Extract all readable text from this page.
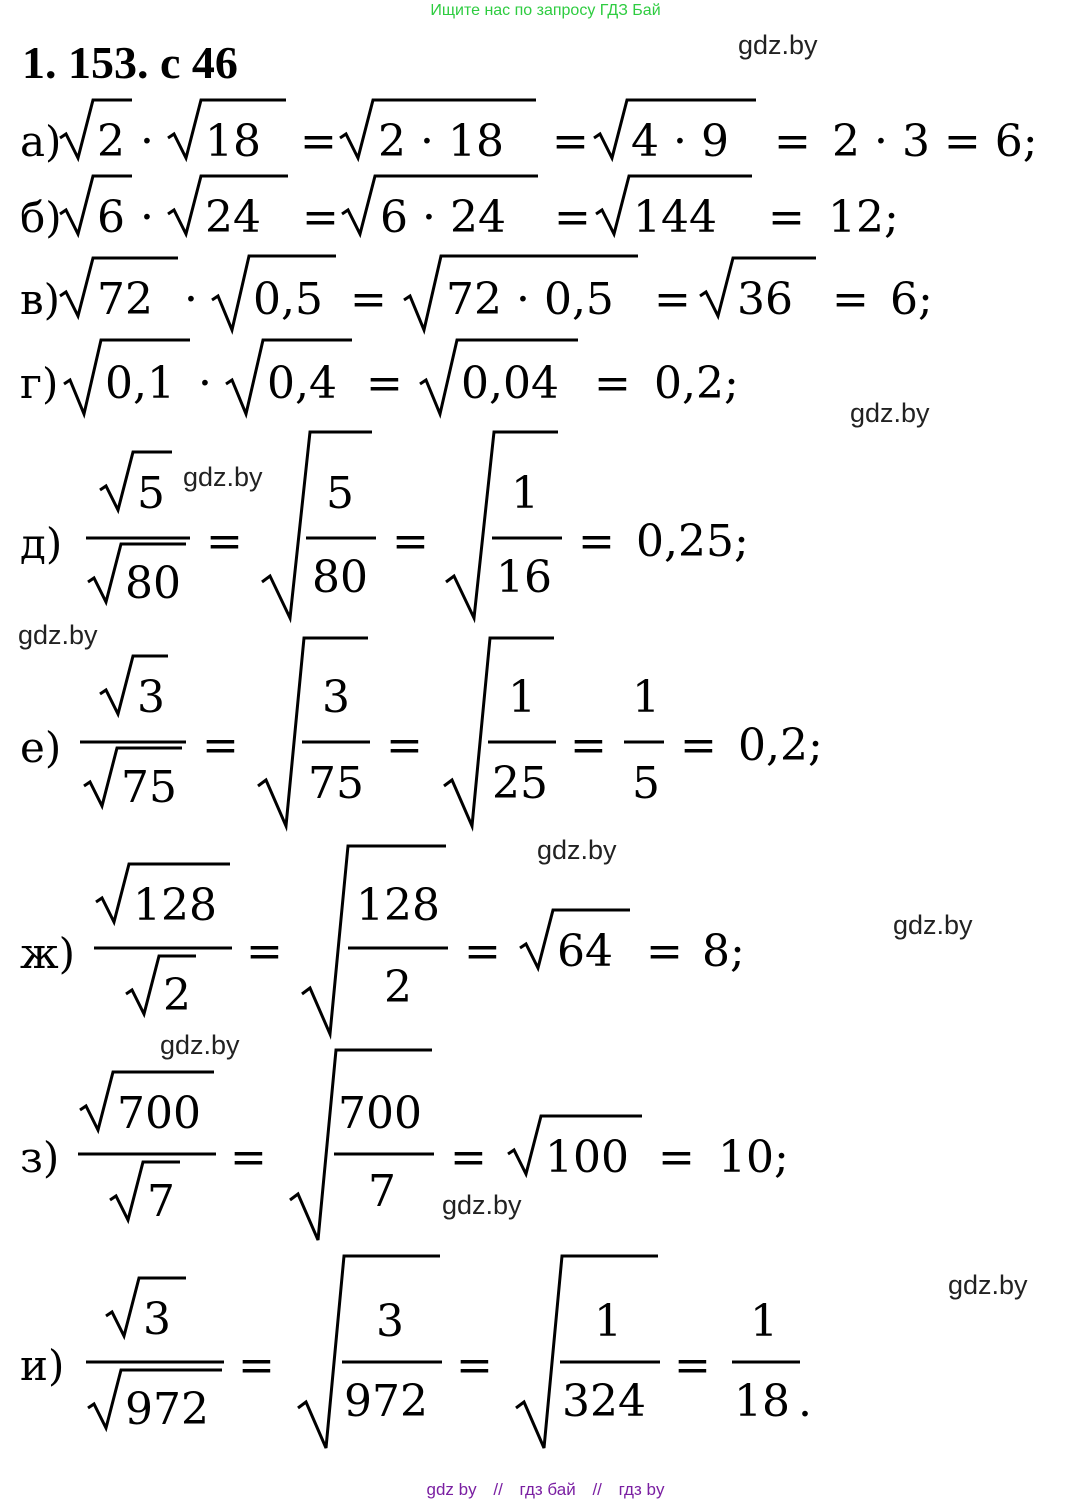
Ищите нас по запросу ГДЗ Бай
1. 153. с 46	gdz.by
gdz.by
gdz.by
gdz.by
gdz.by
gdz.by
gdz.by
gdz.by
gdz.by
а) 2 · 18 = 2 · 18 = 4 · 9 = 2 · 3 = 6;
б) 6 · 24 = 6 · 24 = 144 = 12;
в) 72 · 0,5 = 72 · 0,5 = 36 = 6;
г) 0,1 · 0,4 = 0,04 = 0,2;
д)
5
80
=
5
80
=
1
16
= 0,25;
е)
3
75
=
3
75
=
1
25
=
1
5
= 0,2;
ж)
128
2
=
128
2
= 64 = 8;
з)
700
7
=
700
7
= 100 = 10;
и)
3
972
=
3
972
=
1
324
=
1
18 .
gdz by // гдз бай // гдз by
